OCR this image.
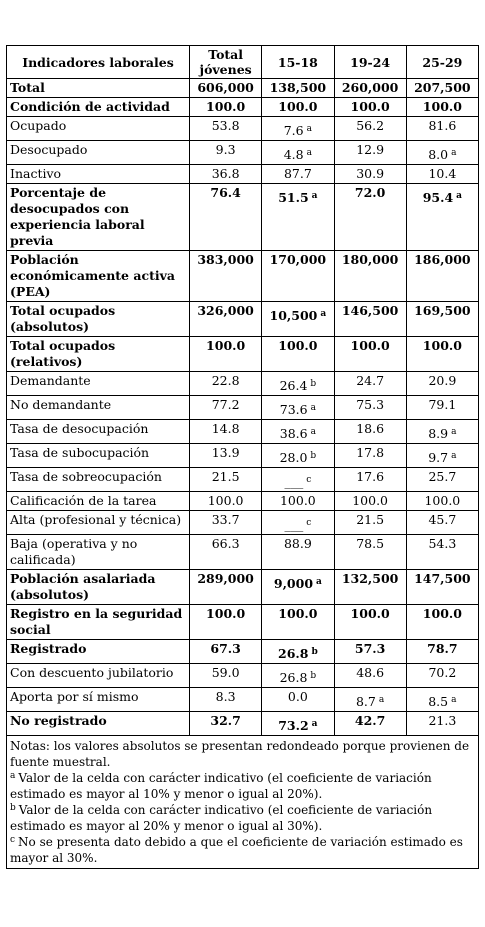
Indicadores laborales	Total jóvenes	15-18	19-24	25-29
Total	606,000	138,500	260,000	207,500
Condición de actividad	100.0	100.0	100.0	100.0
Ocupado	53.8	7.6 $^a$	56.2	81.6
Desocupado	9.3	4.8 $^a$	12.9	8.0 $^a$
Inactivo	36.8	87.7	30.9	10.4
Porcentaje de desocupados con experiencia laboral previa	76.4	51.5 $^a$	72.0	95.4 $^a$
Población económicamente activa (PEA)	383,000	170,000	180,000	186,000
Total ocupados (absolutos)	326,000	10,500 $^a$	146,500	169,500
Total ocupados (relativos)	100.0	100.0	100.0	100.0
Demandante	22.8	26.4 $^b$	24.7	20.9
No demandante	77.2	73.6 $^a$	75.3	79.1
Tasa de desocupación	14.8	38.6 $^a$	18.6	8.9 $^a$
Tasa de subocupación	13.9	28.0 $^b$	17.8	9.7 $^a$
Tasa de sobreocupación	21.5	___ $^c$	17.6	25.7
Calificación de la tarea	100.0	100.0	100.0	100.0
Alta (profesional y técnica)	33.7	___ $^c$	21.5	45.7
Baja (operativa y no calificada)	66.3	88.9	78.5	54.3
Población asalariada (absolutos)	289,000	9,000 $^a$	132,500	147,500
Registro en la seguridad social	100.0	100.0	100.0	100.0
Registrado	67.3	26.8 $^b$	57.3	78.7
Con descuento jubilatorio	59.0	26.8 $^b$	48.6	70.2
Aporta por sí mismo	8.3	0.0	8.7 $^a$	8.5 $^a$
No registrado	32.7	73.2 $^a$	42.7	21.3

Notas: los valores absolutos se presentan redondeado porque provienen de fuente muestral.

$^a$ Valor de la celda con carácter indicativo (el coeficiente de variación estimado es mayor al 10% y menor o igual al 20%).

$^b$ Valor de la celda con carácter indicativo (el coeficiente de variación estimado es mayor al 20% y menor o igual al 30%).

$^c$ No se presenta dato debido a que el coeficiente de variación estimado es mayor al 30%.				
